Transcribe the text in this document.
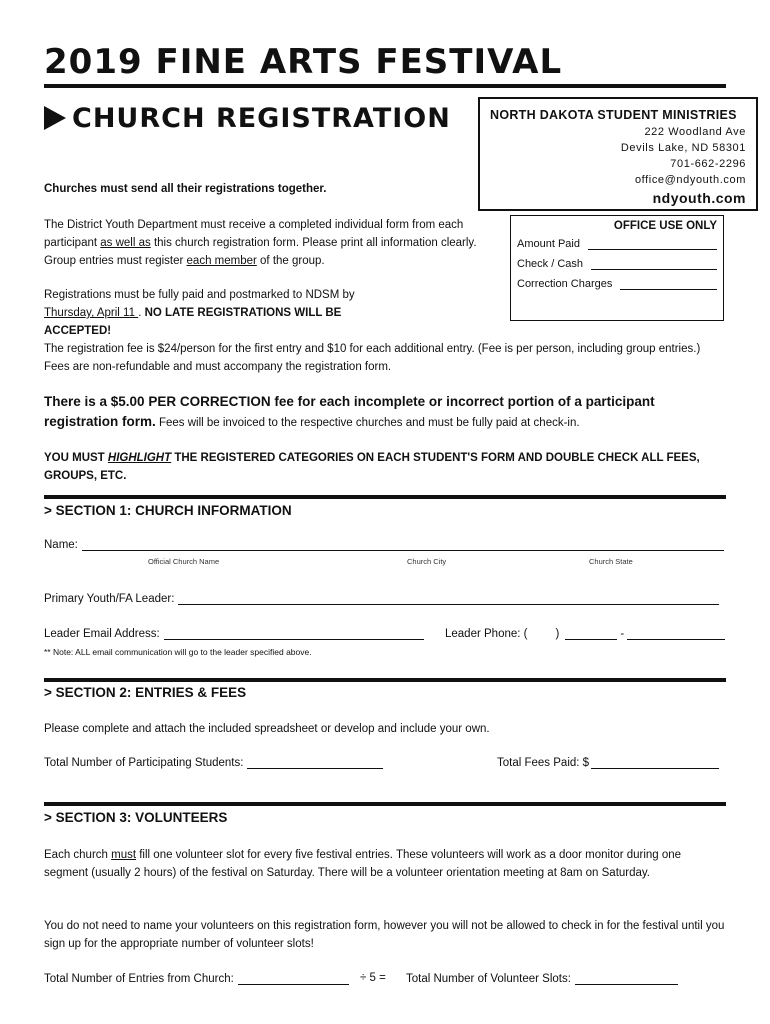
2019 FINE ARTS FESTIVAL
CHURCH REGISTRATION	NORTH DAKOTA STUDENT MINISTRIES
222 Woodland Ave
Devils Lake, ND 58301
701-662-2296
office@ndyouth.com
ndyouth.com
OFFICE USE ONLY
Amount Paid
Check / Cash
Correction Charges
Churches must send all their registrations together.
The District Youth Department must receive a completed individual form from each participant as well as this church registration form. Please print all information clearly. Group entries must register each member of the group.
Registrations must be fully paid and postmarked to NDSM by Thursday, April 11 . NO LATE REGISTRATIONS WILL BE ACCEPTED!
The registration fee is $24/person for the first entry and $10 for each additional entry. (Fee is per person, including group entries.) Fees are non-refundable and must accompany the registration form.
There is a $5.00 PER CORRECTION fee for each incomplete or incorrect portion of a participant registration form. Fees will be invoiced to the respective churches and must be fully paid at check-in.
YOU MUST HIGHLIGHT THE REGISTERED CATEGORIES ON EACH STUDENT'S FORM AND DOUBLE CHECK ALL FEES, GROUPS, ETC.
> SECTION 1: CHURCH INFORMATION
Name:
Official Church Name	Church City	Church State
Primary Youth/FA Leader:
Leader Email Address:	Leader Phone: ( )	-
** Note: ALL email communication will go to the leader specified above.
> SECTION 2: ENTRIES & FEES
Please complete and attach the included spreadsheet or develop and include your own.
Total Number of Participating Students:	Total Fees Paid: $
> SECTION 3: VOLUNTEERS
Each church must fill one volunteer slot for every five festival entries. These volunteers will work as a door monitor during one segment (usually 2 hours) of the festival on Saturday. There will be a volunteer orientation meeting at 8am on Saturday.
You do not need to name your volunteers on this registration form, however you will not be allowed to check in for the festival until you sign up for the appropriate number of volunteer slots!
Total Number of Entries from Church:	÷ 5 = Total Number of Volunteer Slots:
